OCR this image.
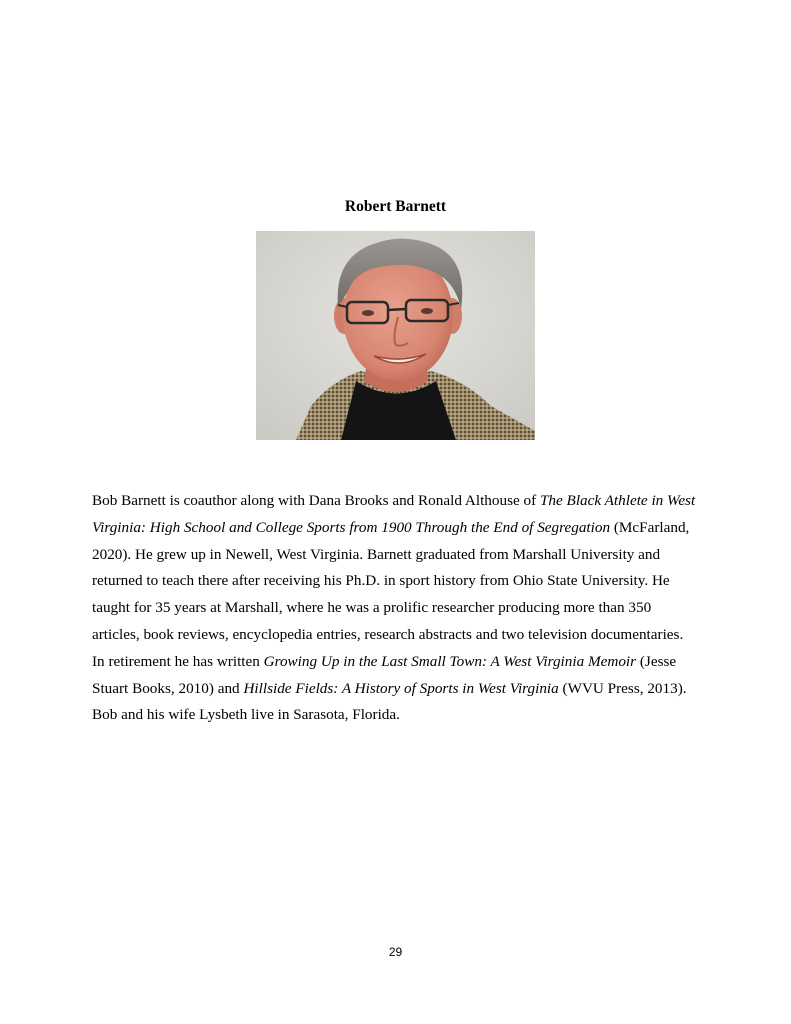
Robert Barnett

Bob Barnett is coauthor along with Dana Brooks and Ronald Althouse of The Black Athlete in West Virginia: High School and College Sports from 1900 Through the End of Segregation (McFarland, 2020). He grew up in Newell, West Virginia. Barnett graduated from Marshall University and returned to teach there after receiving his Ph.D. in sport history from Ohio State University. He taught for 35 years at Marshall, where he was a prolific researcher producing more than 350 articles, book reviews, encyclopedia entries, research abstracts and two television documentaries. In retirement he has written Growing Up in the Last Small Town: A West Virginia Memoir (Jesse Stuart Books, 2010) and Hillside Fields: A History of Sports in West Virginia (WVU Press, 2013). Bob and his wife Lysbeth live in Sarasota, Florida.

29
